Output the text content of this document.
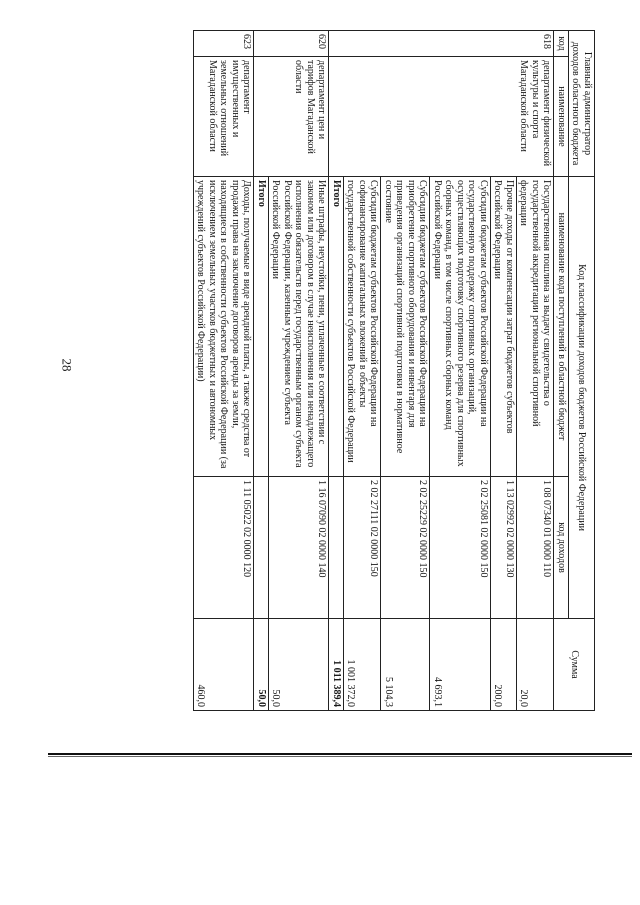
28
Главный администратор доходов областного бюджета		Код классификации доходов бюджетов Российской Федерации		Сумма
код	наименование	наименование кода поступлений в областной бюджет	код доходов	
618	департамент физической культуры и спорта Магаданской области	Государственная пошлина за выдачу свидетельства о государственной аккредитации региональной спортивной федерации	1 08 07340 01 0000 110	20,0
		Прочие доходы от компенсации затрат бюджетов субъектов Российской Федерации	1 13 02992 02 0000 130	200,0
		Субсидии бюджетам субъектов Российской Федерации на государственную поддержку спортивных организаций, осуществляющих подготовку спортивного резерва для спортивных сборных команд, в том числе спортивных сборных команд Российской Федерации	2 02 25081 02 0000 150	4 693,1
		Субсидии бюджетам субъектов Российской Федерации на приобретение спортивного оборудования и инвентаря для приведения организаций спортивной подготовки в нормативное состояние	2 02 25229 02 0000 150	5 104,3
		Субсидии бюджетам субъектов Российской Федерации на софинансирование капитальных вложений в объекты государственной собственности субъектов Российской Федерации	2 02 27111 02 0000 150	1 001 372,0
		Итого		1 011 389,4
620	департамент цен и тарифов Магаданской области	Иные штрафы, неустойки, пени, уплаченные в соответствии с законом или договором в случае неисполнения или ненадлежащего исполнения обязательств перед государственным органом субъекта Российской Федерации, казенным учреждением субъекта Российской Федерации	1 16 07090 02 0000 140	50,0
		Итого		50,0
623	департамент имущественных и земельных отношений Магаданской области	Доходы, получаемые в виде арендной платы, а также средства от продажи права на заключение договоров аренды за земли, находящиеся в собственности субъектов Российской Федерации (за исключением земельных участков бюджетных и автономных учреждений субъектов Российской Федерации)	1 11 05022 02 0000 120	460,0
